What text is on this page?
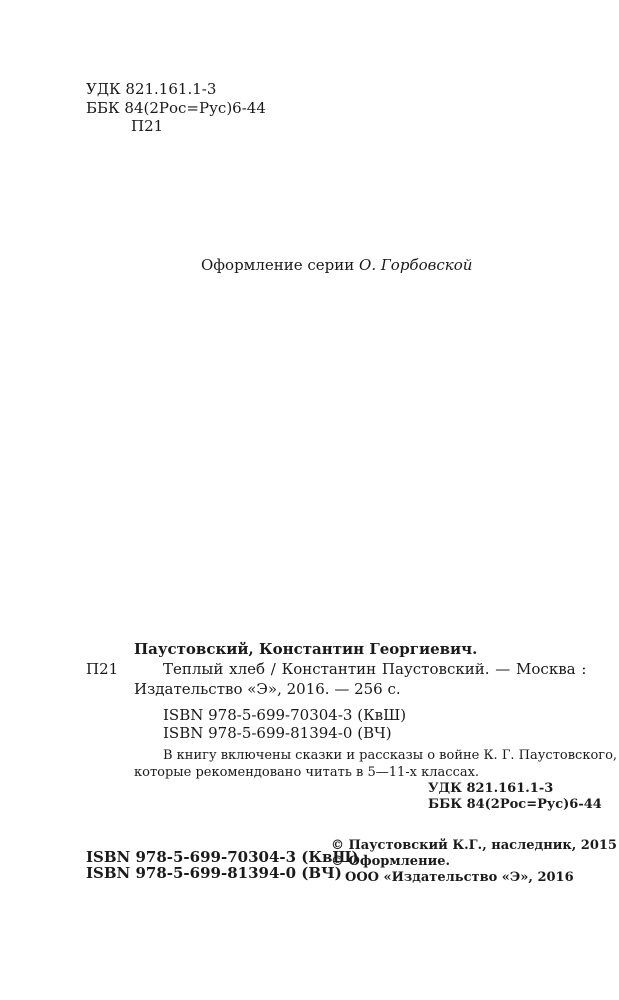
УДК 821.161.1-3
ББК 84(2Рос=Рус)6-44
П21
Оформление серии О. Горбовской
Паустовский, Константин Георгиевич.
П21	Теплый хлеб / Константин Паустовский. — Москва :
Издательство «Э», 2016. — 256 с.
ISBN 978-5-699-70304-3 (КвШ)
ISBN 978-5-699-81394-0 (ВЧ)
В книгу включены сказки и рассказы о войне К. Г. Паустовского,
которые рекомендовано читать в 5—11-х классах.
УДК 821.161.1-3
ББК 84(2Рос=Рус)6-44
ISBN 978-5-699-70304-3 (КвШ)
ISBN 978-5-699-81394-0 (ВЧ)
© Паустовский К.Г., наследник, 2015
© Оформление.
ООО «Издательство «Э», 2016
